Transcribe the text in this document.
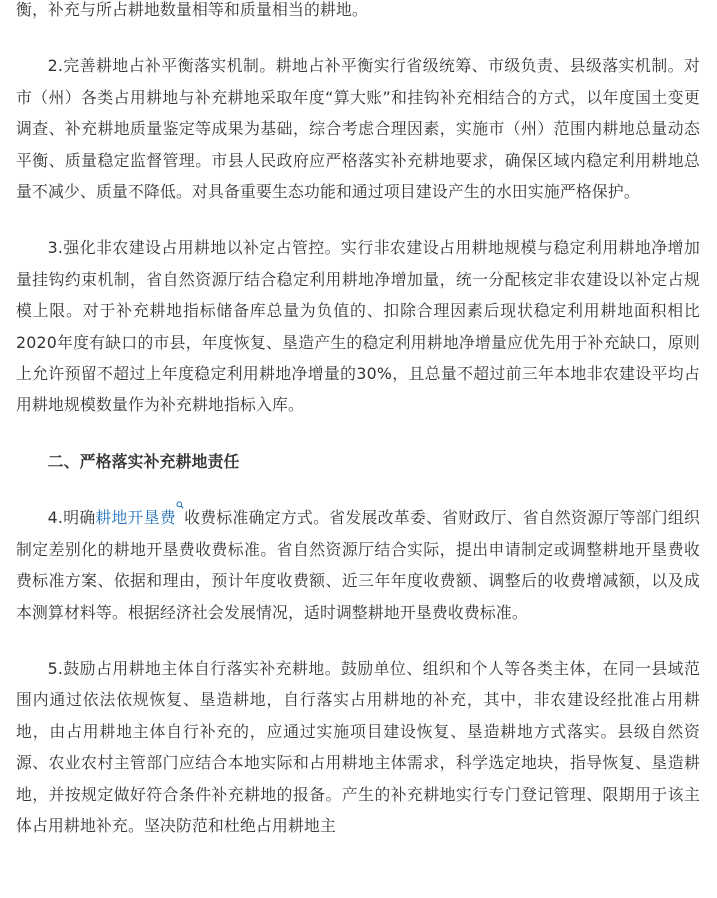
衡，补充与所占耕地数量相等和质量相当的耕地。

2.完善耕地占补平衡落实机制。耕地占补平衡实行省级统筹、市级负责、县级落实机制。对市（州）各类占用耕地与补充耕地采取年度“算大账”和挂钩补充相结合的方式，以年度国土变更调查、补充耕地质量鉴定等成果为基础，综合考虑合理因素，实施市（州）范围内耕地总量动态平衡、质量稳定监督管理。市县人民政府应严格落实补充耕地要求，确保区域内稳定利用耕地总量不减少、质量不降低。对具备重要生态功能和通过项目建设产生的水田实施严格保护。

3.强化非农建设占用耕地以补定占管控。实行非农建设占用耕地规模与稳定利用耕地净增加量挂钩约束机制，省自然资源厅结合稳定利用耕地净增加量，统一分配核定非农建设以补定占规模上限。对于补充耕地指标储备库总量为负值的、扣除合理因素后现状稳定利用耕地面积相比2020年度有缺口的市县，年度恢复、垦造产生的稳定利用耕地净增量应优先用于补充缺口，原则上允许预留不超过上年度稳定利用耕地净增量的30%，且总量不超过前三年本地非农建设平均占用耕地规模数量作为补充耕地指标入库。

二、严格落实补充耕地责任

4.明确耕地开垦费 收费标准确定方式。省发展改革委、省财政厅、省自然资源厅等部门组织制定差别化的耕地开垦费收费标准。省自然资源厅结合实际，提出申请制定或调整耕地开垦费收费标准方案、依据和理由，预计年度收费额、近三年年度收费额、调整后的收费增减额，以及成本测算材料等。根据经济社会发展情况，适时调整耕地开垦费收费标准。

5.鼓励占用耕地主体自行落实补充耕地。鼓励单位、组织和个人等各类主体，在同一县域范围内通过依法依规恢复、垦造耕地，自行落实占用耕地的补充，其中，非农建设经批准占用耕地，由占用耕地主体自行补充的，应通过实施项目建设恢复、垦造耕地方式落实。县级自然资源、农业农村主管部门应结合本地实际和占用耕地主体需求，科学选定地块，指导恢复、垦造耕地，并按规定做好符合条件补充耕地的报备。产生的补充耕地实行专门登记管理、限期用于该主体占用耕地补充。坚决防范和杜绝占用耕地主
